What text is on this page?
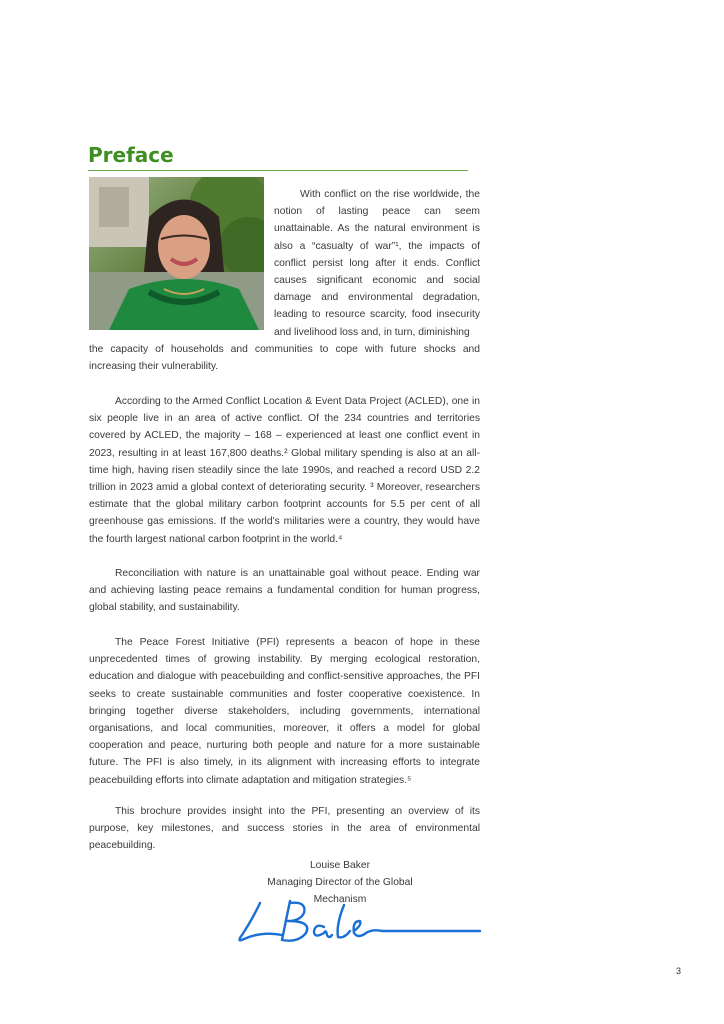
Preface

With conflict on the rise worldwide, the notion of lasting peace can seem unattainable. As the natural environment is also a “casualty of war”¹, the impacts of conflict persist long after it ends. Conflict causes significant economic and social damage and environmental degradation, leading to resource scarcity, food insecurity and livelihood loss and, in turn, diminishing

the capacity of households and communities to cope with future shocks and increasing their vulnerability.

According to the Armed Conflict Location & Event Data Project (ACLED), one in six people live in an area of active conflict. Of the 234 countries and territories covered by ACLED, the majority – 168 – experienced at least one conflict event in 2023, resulting in at least 167,800 deaths.² Global military spending is also at an all-time high, having risen steadily since the late 1990s, and reached a record USD 2.2 trillion in 2023 amid a global context of deteriorating security. ³ Moreover, researchers estimate that the global military carbon footprint accounts for 5.5 per cent of all greenhouse gas emissions. If the world’s militaries were a country, they would have the fourth largest national carbon footprint in the world.⁴

Reconciliation with nature is an unattainable goal without peace. Ending war and achieving lasting peace remains a fundamental condition for human progress, global stability, and sustainability.

The Peace Forest Initiative (PFI) represents a beacon of hope in these unprecedented times of growing instability. By merging ecological restoration, education and dialogue with peacebuilding and conflict-sensitive approaches, the PFI seeks to create sustainable communities and foster cooperative coexistence. In bringing together diverse stakeholders, including governments, international organisations, and local communities, moreover, it offers a model for global cooperation and peace, nurturing both people and nature for a more sustainable future. The PFI is also timely, in its alignment with increasing efforts to integrate peacebuilding efforts into climate adaptation and mitigation strategies.⁵

This brochure provides insight into the PFI, presenting an overview of its purpose, key milestones, and success stories in the area of environmental peacebuilding.

Louise Baker

Managing Director of the Global Mechanism

3
